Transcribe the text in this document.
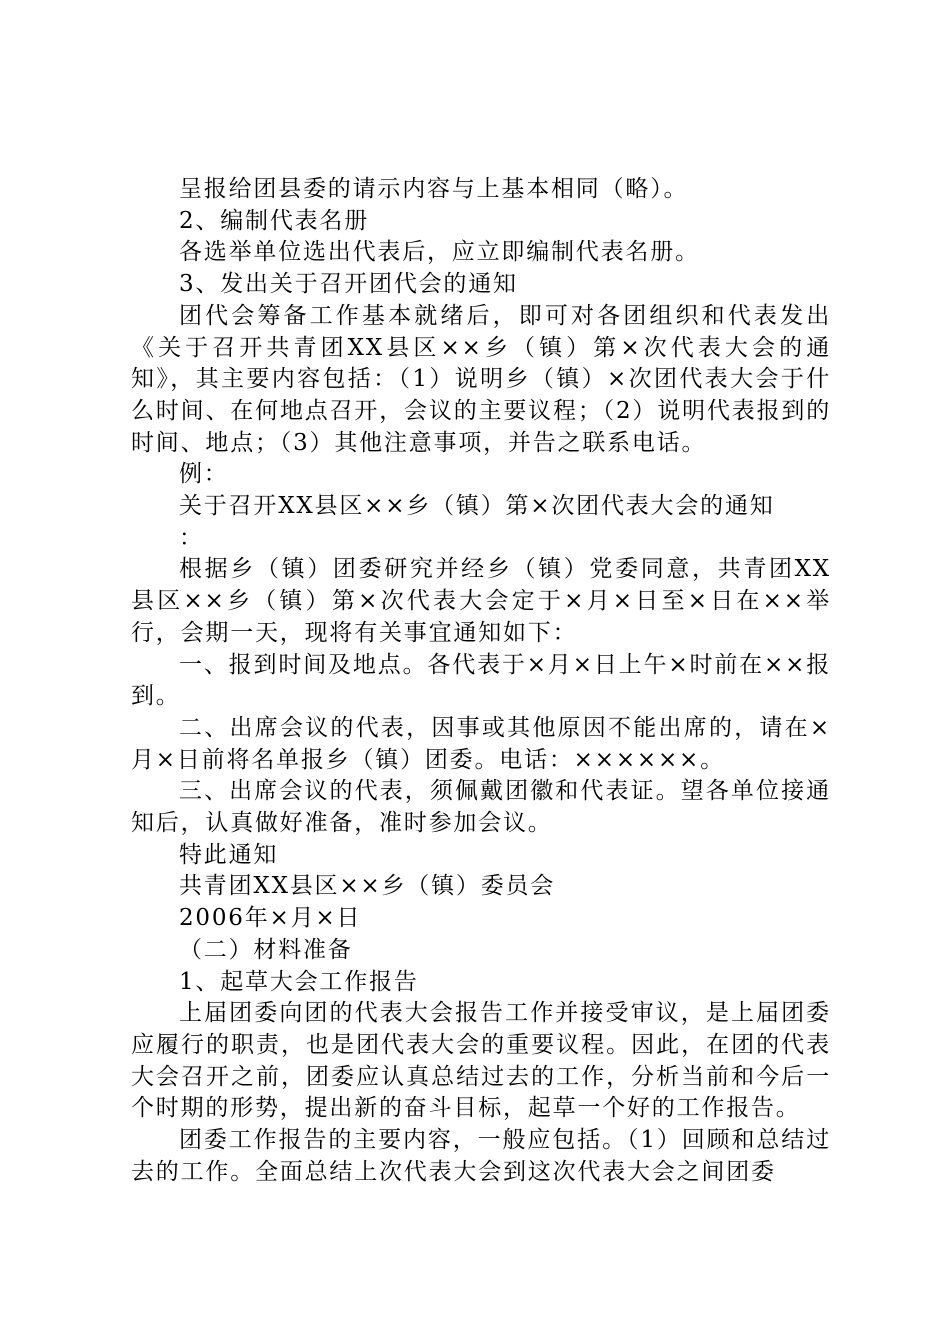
呈报给团县委的请示内容与上基本相同（略）。

2、编制代表名册

各选举单位选出代表后，应立即编制代表名册。

3、发出关于召开团代会的通知

团代会筹备工作基本就绪后，即可对各团组织和代表发出《关于召开共青团XX县区××乡（镇）第×次代表大会的通知》，其主要内容包括：（1）说明乡（镇）×次团代表大会于什么时间、在何地点召开，会议的主要议程；（2）说明代表报到的时间、地点；（3）其他注意事项，并告之联系电话。

例：

关于召开XX县区××乡（镇）第×次团代表大会的通知

：

根据乡（镇）团委研究并经乡（镇）党委同意，共青团XX县区××乡（镇）第×次代表大会定于×月×日至×日在××举行，会期一天，现将有关事宜通知如下：

一、报到时间及地点。各代表于×月×日上午×时前在××报到。

二、出席会议的代表，因事或其他原因不能出席的，请在×月×日前将名单报乡（镇）团委。电话：××××××。

三、出席会议的代表，须佩戴团徽和代表证。望各单位接通知后，认真做好准备，准时参加会议。

特此通知

共青团XX县区××乡（镇）委员会

2006年×月×日

（二）材料准备

1、起草大会工作报告

上届团委向团的代表大会报告工作并接受审议，是上届团委应履行的职责，也是团代表大会的重要议程。因此，在团的代表大会召开之前，团委应认真总结过去的工作，分析当前和今后一个时期的形势，提出新的奋斗目标，起草一个好的工作报告。

团委工作报告的主要内容，一般应包括。（1）回顾和总结过去的工作。全面总结上次代表大会到这次代表大会之间团委
